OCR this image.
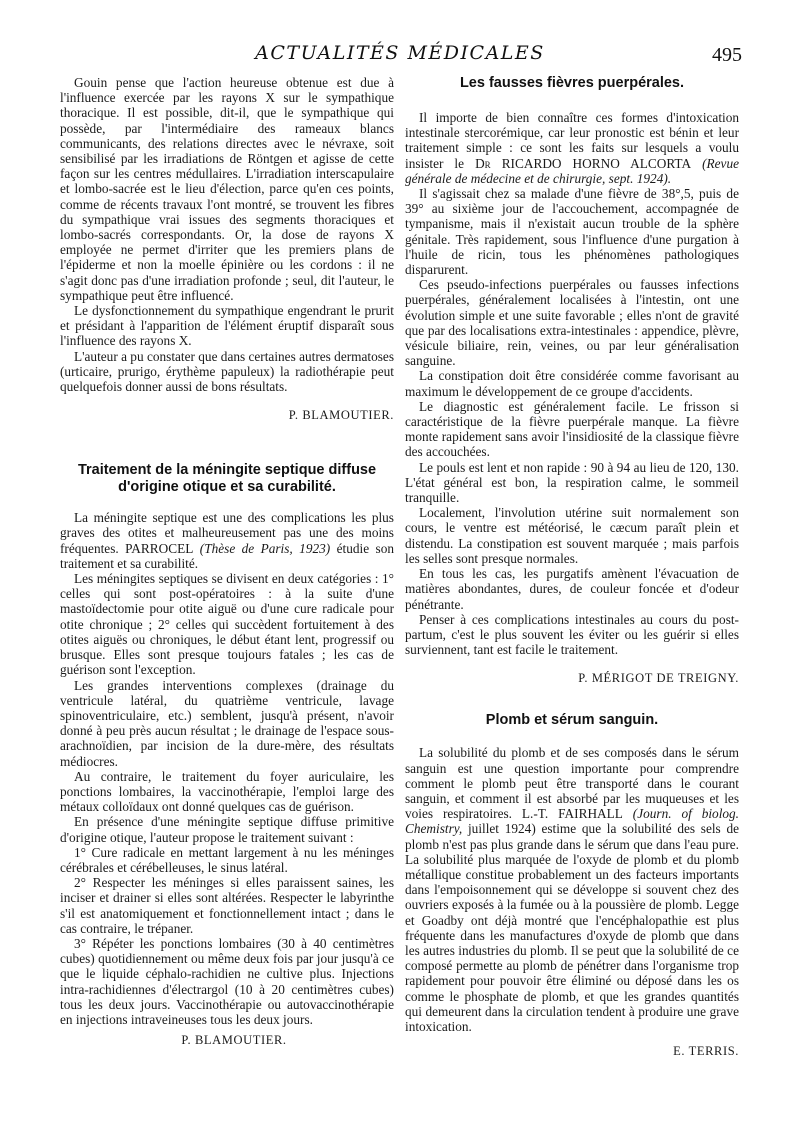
ACTUALITÉS MÉDICALES	495

Gouin pense que l'action heureuse obtenue est due à l'influence exercée par les rayons X sur le sympathique thoracique. Il est possible, dit-il, que le sympathique qui possède, par l'intermédiaire des rameaux blancs communicants, des relations directes avec le névraxe, soit sensibilisé par les irradiations de Röntgen et agisse de cette façon sur les centres médullaires. L'irradiation interscapulaire et lombo-sacrée est le lieu d'élection, parce qu'en ces points, comme de récents travaux l'ont montré, se trouvent les fibres du sympathique vrai issues des segments thoraciques et lombo-sacrés correspondants. Or, la dose de rayons X employée ne permet d'irriter que les premiers plans de l'épiderme et non la moelle épinière ou les cordons : il ne s'agit donc pas d'une irradiation profonde ; seul, dit l'auteur, le sympathique peut être influencé.

Le dysfonctionnement du sympathique engendrant le prurit et présidant à l'apparition de l'élément éruptif disparaît sous l'influence des rayons X.

L'auteur a pu constater que dans certaines autres dermatoses (urticaire, prurigo, érythème papuleux) la radiothérapie peut quelquefois donner aussi de bons résultats.

P. BLAMOUTIER.

Traitement de la méningite septique diffuse d'origine otique et sa curabilité.

La méningite septique est une des complications les plus graves des otites et malheureusement pas une des moins fréquentes. PARROCEL (Thèse de Paris, 1923) étudie son traitement et sa curabilité.

Les méningites septiques se divisent en deux catégories : 1° celles qui sont post-opératoires : à la suite d'une mastoïdectomie pour otite aiguë ou d'une cure radicale pour otite chronique ; 2° celles qui succèdent fortuitement à des otites aiguës ou chroniques, le début étant lent, progressif ou brusque. Elles sont presque toujours fatales ; les cas de guérison sont l'exception.

Les grandes interventions complexes (drainage du ventricule latéral, du quatrième ventricule, lavage spinoventriculaire, etc.) semblent, jusqu'à présent, n'avoir donné à peu près aucun résultat ; le drainage de l'espace sous-arachnoïdien, par incision de la dure-mère, des résultats médiocres.

Au contraire, le traitement du foyer auriculaire, les ponctions lombaires, la vaccinothérapie, l'emploi large des métaux colloïdaux ont donné quelques cas de guérison.

En présence d'une méningite septique diffuse primitive d'origine otique, l'auteur propose le traitement suivant :

1° Cure radicale en mettant largement à nu les méninges cérébrales et cérébelleuses, le sinus latéral.

2° Respecter les méninges si elles paraissent saines, les inciser et drainer si elles sont altérées. Respecter le labyrinthe s'il est anatomiquement et fonctionnellement intact ; dans le cas contraire, le trépaner.

3° Répéter les ponctions lombaires (30 à 40 centimètres cubes) quotidiennement ou même deux fois par jour jusqu'à ce que le liquide céphalo-rachidien ne cultive plus. Injections intra-rachidiennes d'électrargol (10 à 20 centimètres cubes) tous les deux jours. Vaccinothérapie ou autovaccinothérapie en injections intraveineuses tous les deux jours.

P. BLAMOUTIER.

Les fausses fièvres puerpérales.

Il importe de bien connaître ces formes d'intoxication intestinale stercorémique, car leur pronostic est bénin et leur traitement simple : ce sont les faits sur lesquels a voulu insister le Dr RICARDO HORNO ALCORTA (Revue générale de médecine et de chirurgie, sept. 1924).

Il s'agissait chez sa malade d'une fièvre de 38°,5, puis de 39° au sixième jour de l'accouchement, accompagnée de tympanisme, mais il n'existait aucun trouble de la sphère génitale. Très rapidement, sous l'influence d'une purgation à l'huile de ricin, tous les phénomènes pathologiques disparurent.

Ces pseudo-infections puerpérales ou fausses infections puerpérales, généralement localisées à l'intestin, ont une évolution simple et une suite favorable ; elles n'ont de gravité que par des localisations extra-intestinales : appendice, plèvre, vésicule biliaire, rein, veines, ou par leur généralisation sanguine.

La constipation doit être considérée comme favorisant au maximum le développement de ce groupe d'accidents.

Le diagnostic est généralement facile. Le frisson si caractéristique de la fièvre puerpérale manque. La fièvre monte rapidement sans avoir l'insidiosité de la classique fièvre des accouchées.

Le pouls est lent et non rapide : 90 à 94 au lieu de 120, 130. L'état général est bon, la respiration calme, le sommeil tranquille.

Localement, l'involution utérine suit normalement son cours, le ventre est météorisé, le cæcum paraît plein et distendu. La constipation est souvent marquée ; mais parfois les selles sont presque normales.

En tous les cas, les purgatifs amènent l'évacuation de matières abondantes, dures, de couleur foncée et d'odeur pénétrante.

Penser à ces complications intestinales au cours du post-partum, c'est le plus souvent les éviter ou les guérir si elles surviennent, tant est facile le traitement.

P. MÉRIGOT DE TREIGNY.

Plomb et sérum sanguin.

La solubilité du plomb et de ses composés dans le sérum sanguin est une question importante pour comprendre comment le plomb peut être transporté dans le courant sanguin, et comment il est absorbé par les muqueuses et les voies respiratoires. L.-T. FAIRHALL (Journ. of biolog. Chemistry, juillet 1924) estime que la solubilité des sels de plomb n'est pas plus grande dans le sérum que dans l'eau pure. La solubilité plus marquée de l'oxyde de plomb et du plomb métallique constitue probablement un des facteurs importants dans l'empoisonnement qui se développe si souvent chez des ouvriers exposés à la fumée ou à la poussière de plomb. Legge et Goadby ont déjà montré que l'encéphalopathie est plus fréquente dans les manufactures d'oxyde de plomb que dans les autres industries du plomb. Il se peut que la solubilité de ce composé permette au plomb de pénétrer dans l'organisme trop rapidement pour pouvoir être éliminé ou déposé dans les os comme le phosphate de plomb, et que les grandes quantités qui demeurent dans la circulation tendent à produire une grave intoxication.

E. TERRIS.
